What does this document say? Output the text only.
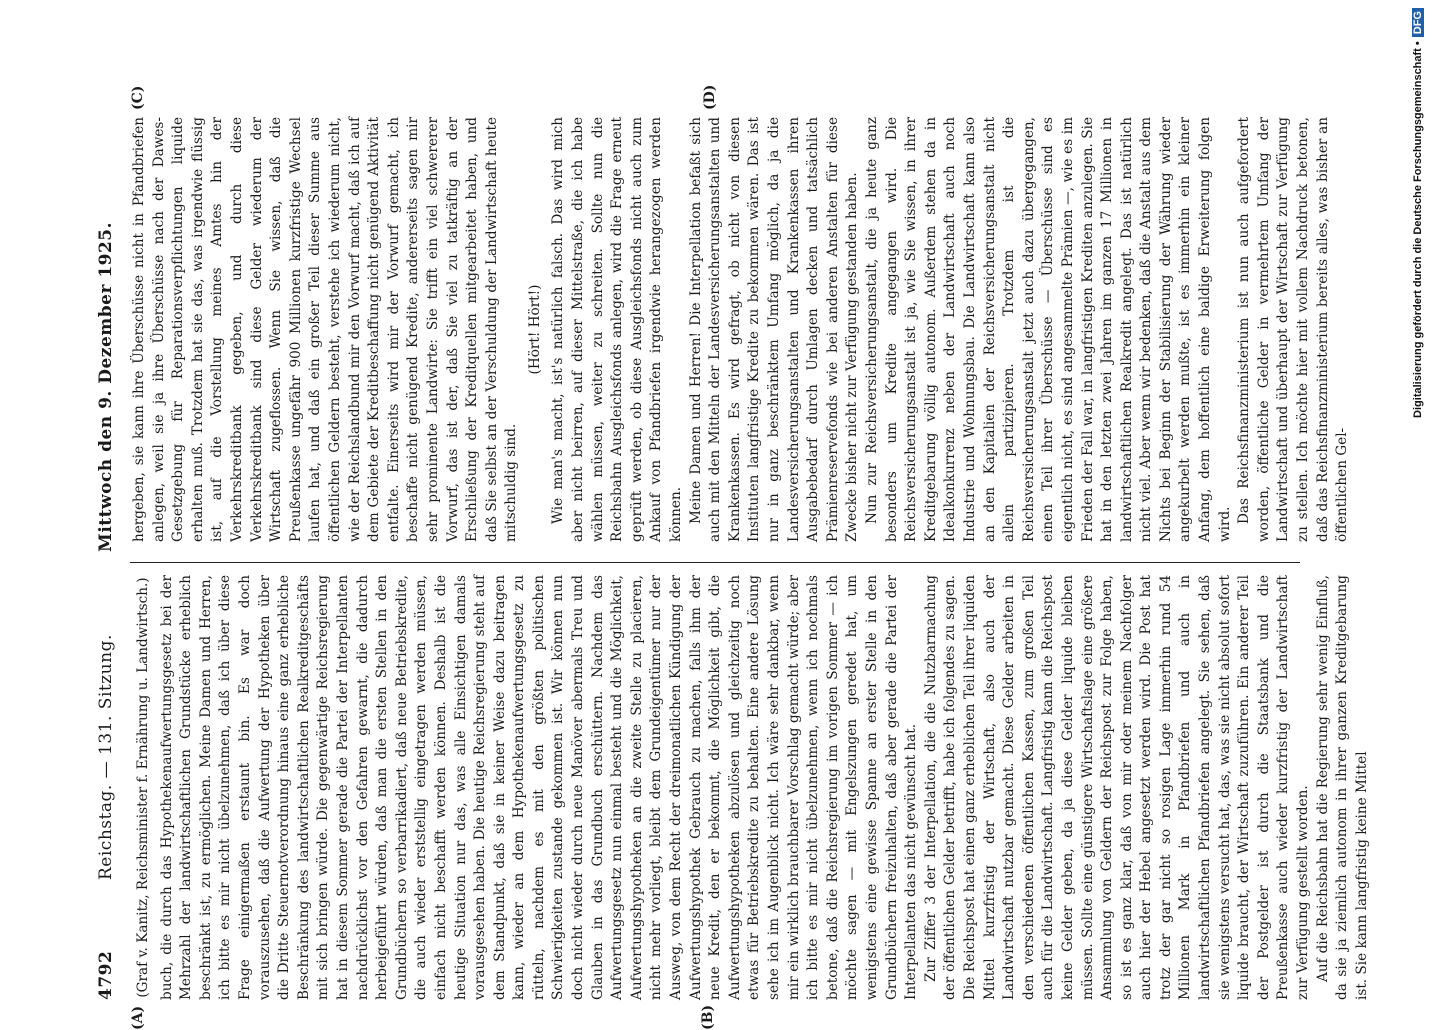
4792
Reichstag. — 131. Sitzung.
Mittwoch den 9. Dezember 1925.

(Graf v. Kanitz, Reichsminister f. Ernährung u. Landwirtsch.) buch, die durch das Hypothekenaufwertungsgesetz bei der Mehrzahl der landwirtschaftlichen Grundstücke erheblich beschränkt ist, zu ermöglichen. Meine Damen und Herren, ich bitte es mir nicht übelzunehmen, daß ich über diese Frage einigermaßen erstaunt bin. Es war doch vorauszusehen, daß die Aufwertung der Hypotheken über die Dritte Steuernotverordnung hinaus eine ganz erhebliche Beschränkung des landwirtschaftlichen Realkreditgeschäfts mit sich bringen würde. Die gegenwärtige Reichsregierung hat in diesem Sommer gerade die Partei der Interpellanten nachdrücklichst vor den Gefahren gewarnt, die dadurch herbeigeführt würden, daß man die ersten Stellen in den Grundbüchern so verbarrikadiert, daß neue Betriebskredite, die auch wieder erststellig eingetragen werden müssen, einfach nicht beschafft werden können. Deshalb ist die heutige Situation nur das, was alle Einsichtigen damals vorausgesehen haben. Die heutige Reichsregierung steht auf dem Standpunkt, daß sie in keiner Weise dazu beitragen kann, wieder an dem Hypothekenaufwertungsgesetz zu rütteln, nachdem es mit den größten politischen Schwierigkeiten zustande gekommen ist. Wir können nun doch nicht wieder durch neue Manöver abermals Treu und Glauben in das Grundbuch erschüttern. Nachdem das Aufwertungsgesetz nun einmal besteht und die Möglichkeit, Aufwertungshypotheken an die zweite Stelle zu placieren, nicht mehr vorliegt, bleibt dem Grundeigentümer nur der Ausweg, von dem Recht der dreimonatlichen Kündigung der Aufwertungshypothek Gebrauch zu machen, falls ihm der neue Kredit, den er bekommt, die Möglichkeit gibt, die Aufwertungshypotheken abzulösen und gleichzeitig noch etwas für Betriebskredite zu behalten. Eine andere Lösung sehe ich im Augenblick nicht. Ich wäre sehr dankbar, wenn mir ein wirklich brauchbarer Vorschlag gemacht würde; aber ich bitte es mir nicht übelzunehmen, wenn ich nochmals betone, daß die Reichsregierung im vorigen Sommer — ich möchte sagen — mit Engelszungen geredet hat, um wenigstens eine gewisse Spanne an erster Stelle in den Grundbüchern freizuhalten, daß aber gerade die Partei der Interpellanten das nicht gewünscht hat. Zur Ziffer 3 der Interpellation, die die Nutzbarmachung der öffentlichen Gelder betrifft, habe ich folgendes zu sagen. Die Reichspost hat einen ganz erheblichen Teil ihrer liquiden Mittel kurzfristig der Wirtschaft, also auch der Landwirtschaft nutzbar gemacht. Diese Gelder arbeiten in den verschiedenen öffentlichen Kassen, zum großen Teil auch für die Landwirtschaft. Langfristig kann die Reichspost keine Gelder geben, da ja diese Gelder liquide bleiben müssen. Sollte eine günstigere Wirtschaftslage eine größere Ansammlung von Geldern der Reichspost zur Folge haben, so ist es ganz klar, daß von mir oder meinem Nachfolger auch hier der Hebel angesetzt werden wird. Die Post hat trotz der gar nicht so rosigen Lage immerhin rund 54 Millionen Mark in Pfandbriefen und auch in landwirtschaftlichen Pfandbriefen angelegt. Sie sehen, daß sie wenigstens versucht hat, das, was sie nicht absolut sofort liquide braucht, der Wirtschaft zuzuführen. Ein anderer Teil der Postgelder ist durch die Staatsbank und die Preußenkasse auch wieder kurzfristig der Landwirtschaft zur Verfügung gestellt worden. Auf die Reichsbahn hat die Regierung sehr wenig Einfluß, da sie ja ziemlich autonom in ihrer ganzen Kreditgebarung ist. Sie kann langfristig keine Mittel

hergeben, sie kann ihre Überschüsse nicht in Pfandbriefen anlegen, weil sie ja ihre Überschüsse nach der Dawes-Gesetzgebung für Reparationsverpflichtungen liquide erhalten muß. Trotzdem hat sie das, was irgendwie flüssig ist, auf die Vorstellung meines Amtes hin der Verkehrskreditbank gegeben, und durch diese Verkehrskreditbank sind diese Gelder wiederum der Wirtschaft zugeflossen. Wenn Sie wissen, daß die Preußenkasse ungefähr 900 Millionen kurzfristige Wechsel laufen hat, und daß ein großer Teil dieser Summe aus öffentlichen Geldern besteht, verstehe ich wiederum nicht, wie der Reichslandbund mir den Vorwurf macht, daß ich auf dem Gebiete der Kreditbeschaffung nicht genügend Aktivität entfalte. Einerseits wird mir der Vorwurf gemacht, ich beschaffe nicht genügend Kredite, andererseits sagen mir sehr prominente Landwirte: Sie trifft ein viel schwererer Vorwurf, das ist der, daß Sie viel zu tatkräftig an der Erschließung der Kreditquellen mitgearbeitet haben, und daß Sie selbst an der Verschuldung der Landwirtschaft heute mitschuldig sind.

(Hört! Hört!) Wie man's macht, ist's natürlich falsch. Das wird mich aber nicht beirren, auf dieser Mittelstraße, die ich habe wählen müssen, weiter zu schreiten. Sollte nun die Reichsbahn Ausgleichsfonds anlegen, wird die Frage erneut geprüft werden, ob diese Ausgleichsfonds nicht auch zum Ankauf von Pfandbriefen irgendwie herangezogen werden können. Meine Damen und Herren! Die Interpellation befaßt sich auch mit den Mitteln der Landesversicherungsanstalten und Krankenkassen. Es wird gefragt, ob nicht von diesen Instituten langfristige Kredite zu bekommen wären. Das ist nur in ganz beschränktem Umfang möglich, da ja die Landesversicherungsanstalten und Krankenkassen ihren Ausgabebedarf durch Umlagen decken und tatsächlich Prämienreservefonds wie bei anderen Anstalten für diese Zwecke bisher nicht zur Verfügung gestanden haben. Nun zur Reichsversicherungsanstalt, die ja heute ganz besonders um Kredite angegangen wird. Die Reichsversicherungsanstalt ist ja, wie Sie wissen, in ihrer Kreditgebarung völlig autonom. Außerdem stehen da in Idealkonkurrenz neben der Landwirtschaft auch noch Industrie und Wohnungsbau. Die Landwirtschaft kann also an den Kapitalien der Reichsversicherungsanstalt nicht allein partizipieren. Trotzdem ist die Reichsversicherungsanstalt jetzt auch dazu übergegangen, einen Teil ihrer Überschüsse — Überschüsse sind es eigentlich nicht, es sind angesammelte Prämien —, wie es im Frieden der Fall war, in langfristigen Krediten anzulegen. Sie hat in den letzten zwei Jahren im ganzen 17 Millionen in landwirtschaftlichen Realkredit angelegt. Das ist natürlich nicht viel. Aber wenn wir bedenken, daß die Anstalt aus dem Nichts bei Beginn der Stabilisierung der Währung wieder angekurbelt werden mußte, ist es immerhin ein kleiner Anfang, dem hoffentlich eine baldige Erweiterung folgen wird.

Das Reichsfinanzministerium ist nun auch aufgefordert worden, öffentliche Gelder in vermehrtem Umfang der Landwirtschaft und überhaupt der Wirtschaft zur Verfügung zu stellen. Ich möchte hier mit vollem Nachdruck betonen, daß das Reichsfinanzministerium bereits alles, was bisher an öffentlichen Gel-

(A)	(B)
(C)	(D)	Digitalisierung gefördert durch die Deutsche Forschungsgemeinschaft •DFG
